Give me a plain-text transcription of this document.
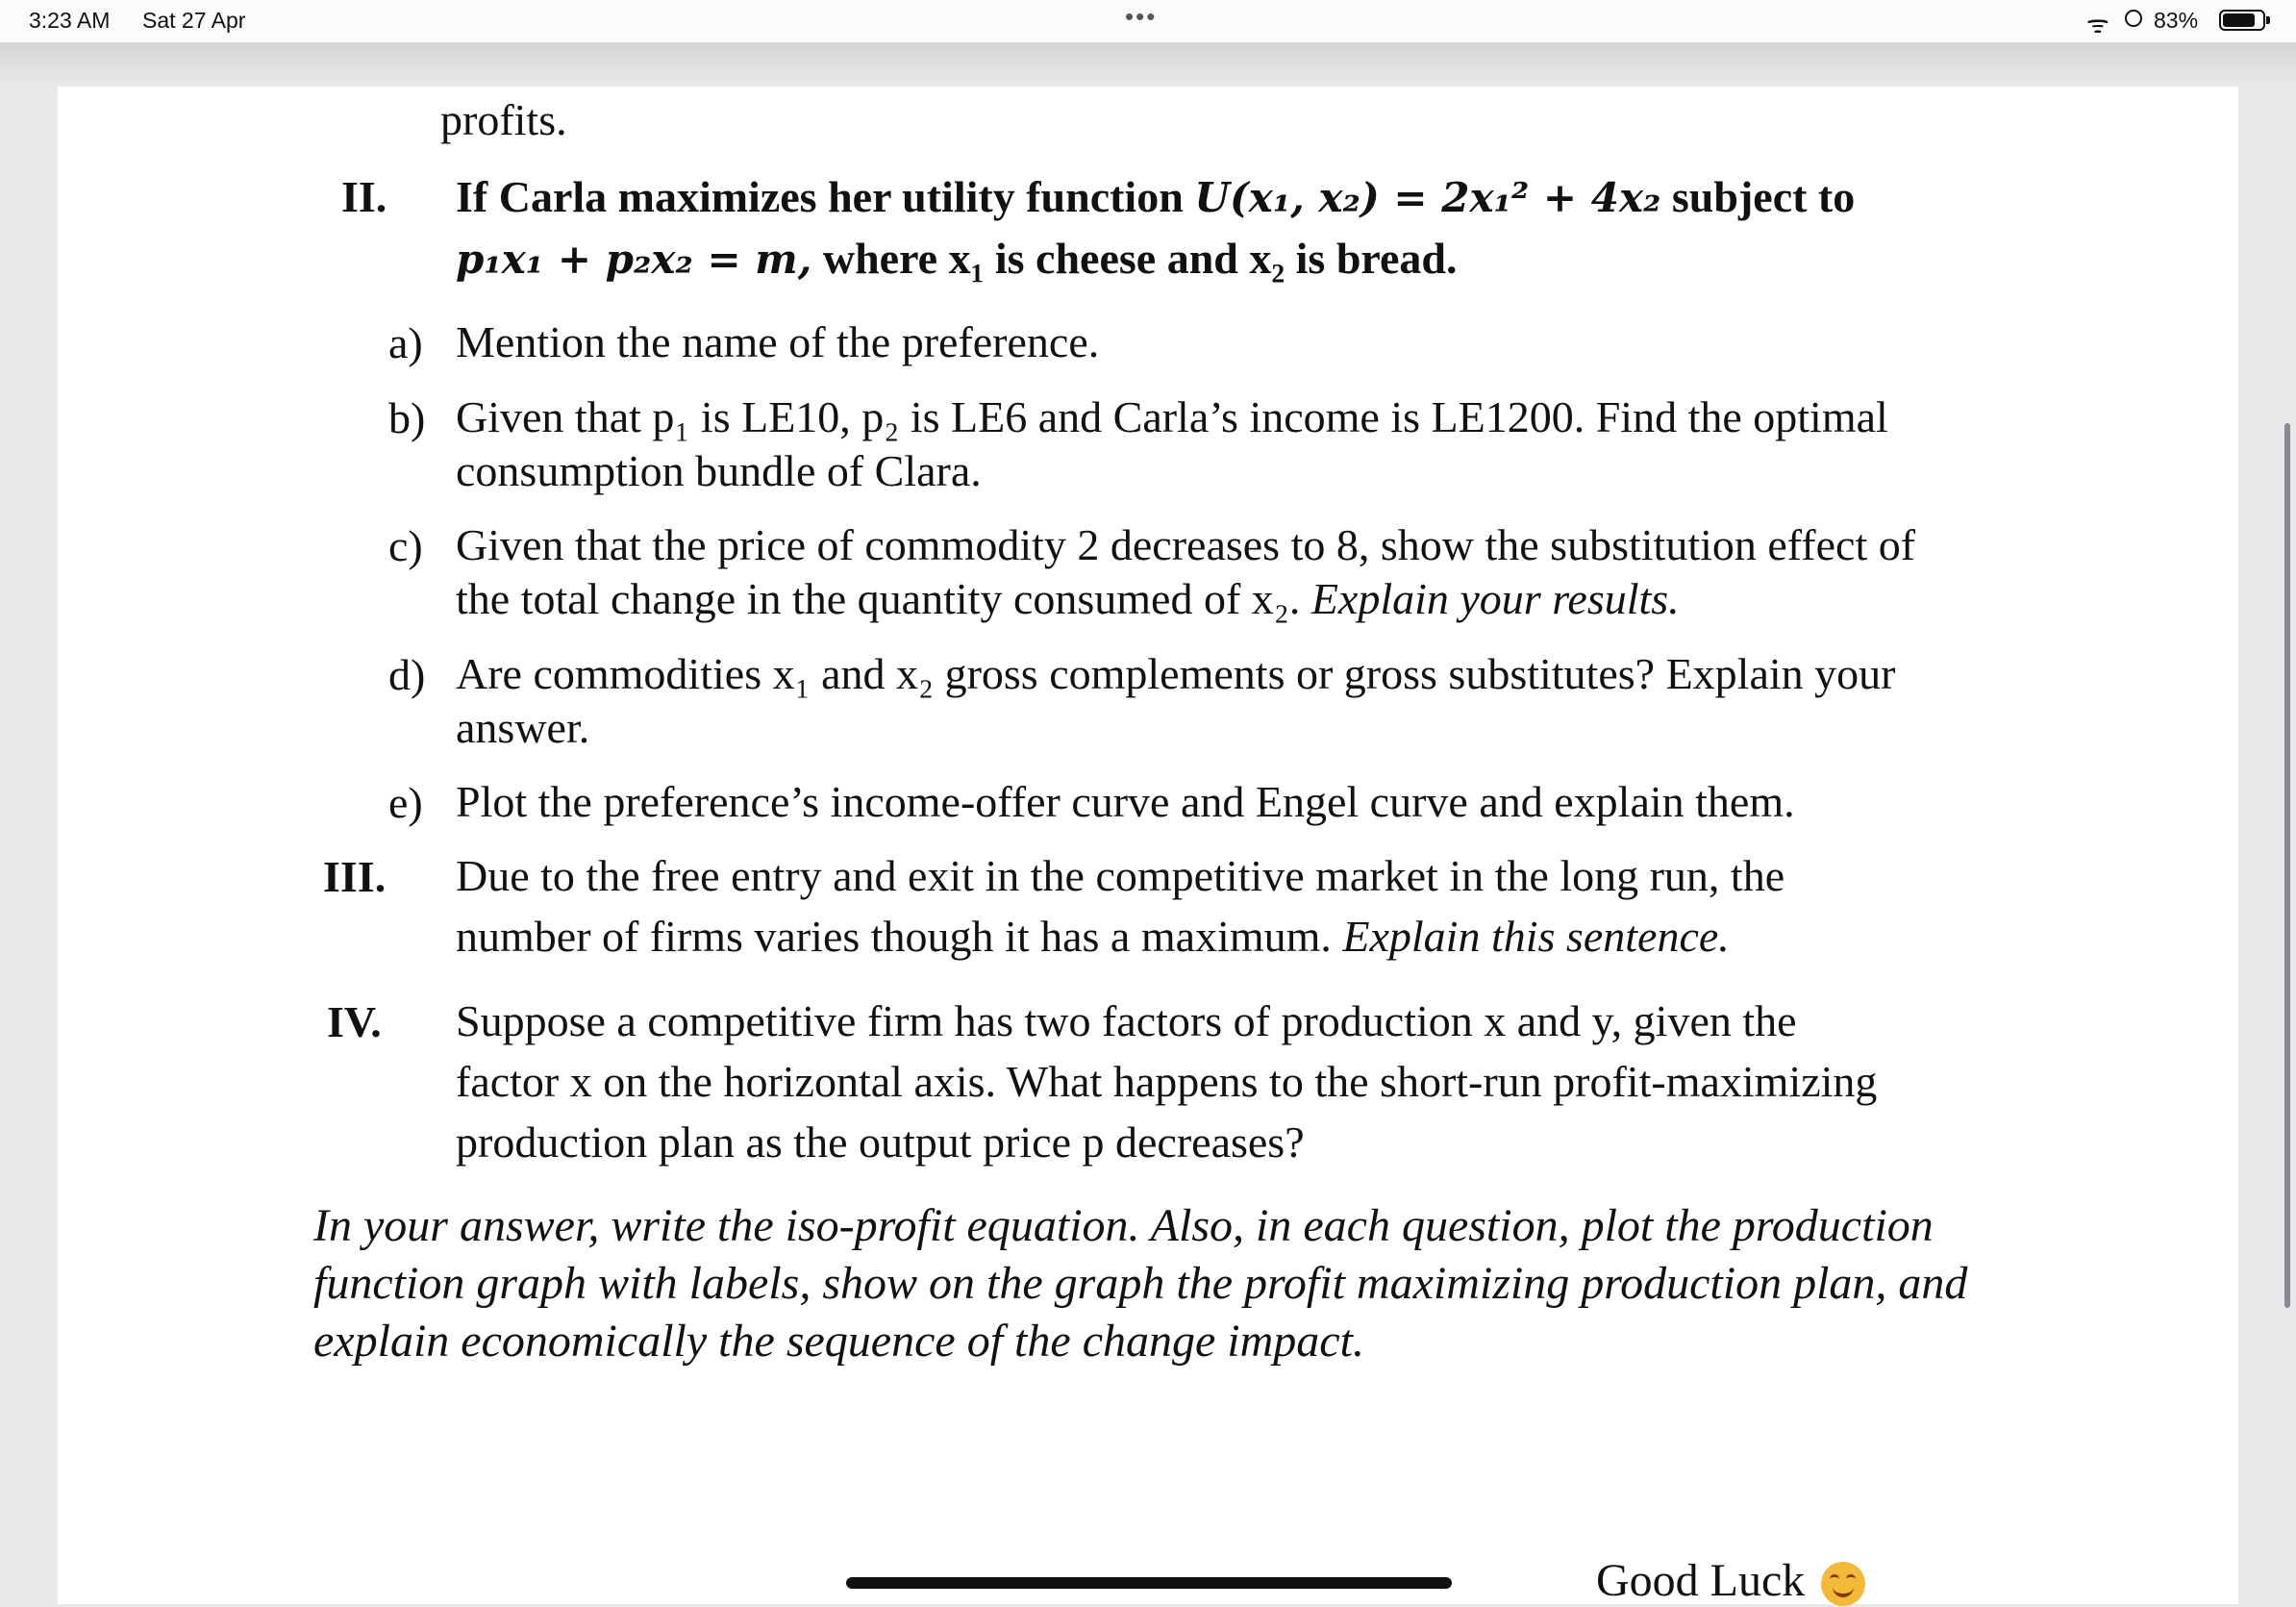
3:23 AM Sat 27 Apr	•••	ᯤ 83%
profits.
II. If Carla maximizes her utility function U(x₁, x₂) = 2x₁² + 4x₂ subject to
p₁x₁ + p₂x₂ = m, where x₁ is cheese and x₂ is bread.
a) Mention the name of the preference.
b) Given that p₁ is LE10, p₂ is LE6 and Carla’s income is LE1200. Find the optimal
consumption bundle of Clara.
c) Given that the price of commodity 2 decreases to 8, show the substitution effect of
the total change in the quantity consumed of x₂. Explain your results.
d) Are commodities x₁ and x₂ gross complements or gross substitutes? Explain your
answer.
e) Plot the preference’s income-offer curve and Engel curve and explain them.
III. Due to the free entry and exit in the competitive market in the long run, the
number of firms varies though it has a maximum. Explain this sentence.
IV. Suppose a competitive firm has two factors of production x and y, given the
factor x on the horizontal axis. What happens to the short-run profit-maximizing
production plan as the output price p decreases?
In your answer, write the iso-profit equation. Also, in each question, plot the production
function graph with labels, show on the graph the profit maximizing production plan, and
explain economically the sequence of the change impact.
Good Luck
